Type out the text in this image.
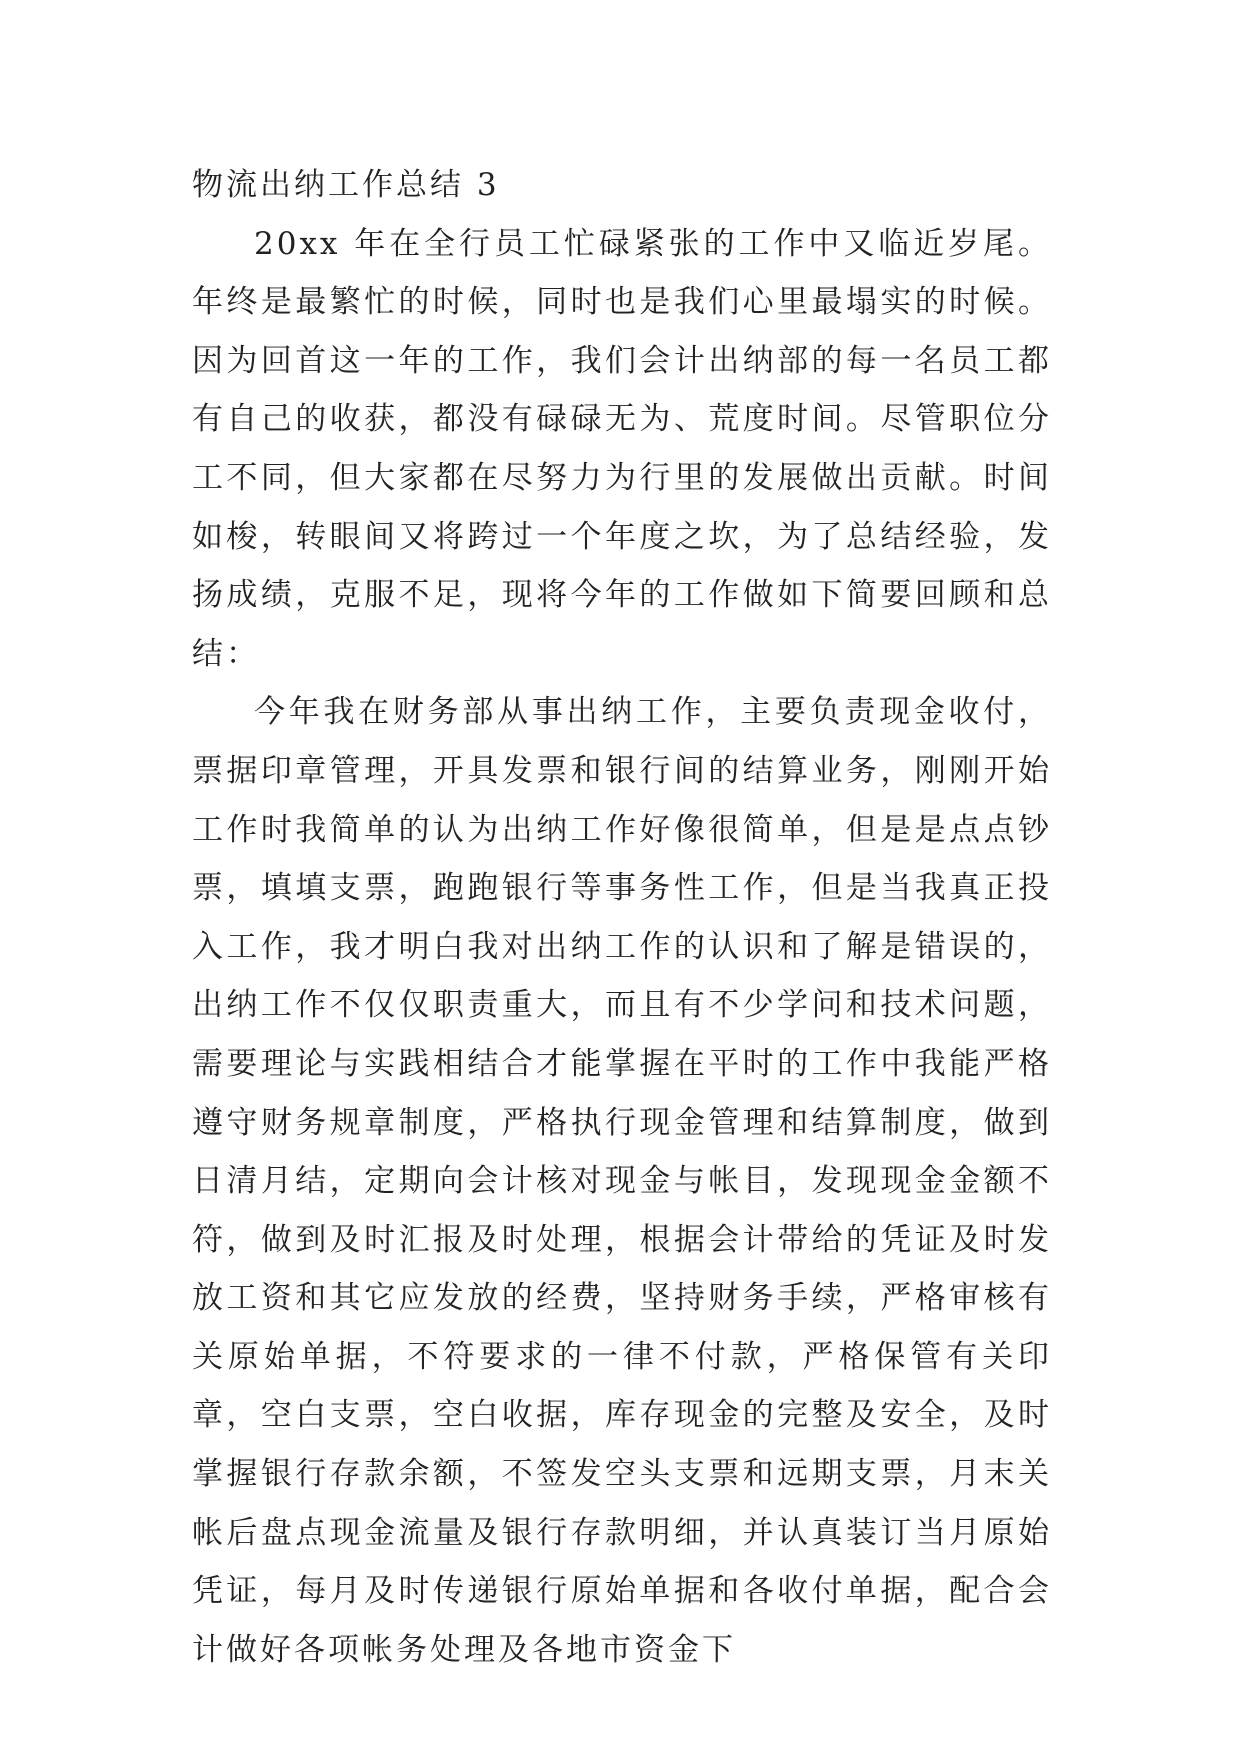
物流出纳工作总结 3

20xx 年在全行员工忙碌紧张的工作中又临近岁尾。年终是最繁忙的时候，同时也是我们心里最塌实的时候。因为回首这一年的工作，我们会计出纳部的每一名员工都有自己的收获，都没有碌碌无为、荒度时间。尽管职位分工不同，但大家都在尽努力为行里的发展做出贡献。时间如梭，转眼间又将跨过一个年度之坎，为了总结经验，发扬成绩，克服不足，现将今年的工作做如下简要回顾和总结：

今年我在财务部从事出纳工作，主要负责现金收付，票据印章管理，开具发票和银行间的结算业务，刚刚开始工作时我简单的认为出纳工作好像很简单，但是是点点钞票，填填支票，跑跑银行等事务性工作，但是当我真正投入工作，我才明白我对出纳工作的认识和了解是错误的，出纳工作不仅仅职责重大，而且有不少学问和技术问题，需要理论与实践相结合才能掌握在平时的工作中我能严格遵守财务规章制度，严格执行现金管理和结算制度，做到日清月结，定期向会计核对现金与帐目，发现现金金额不符，做到及时汇报及时处理，根据会计带给的凭证及时发放工资和其它应发放的经费，坚持财务手续，严格审核有关原始单据，不符要求的一律不付款，严格保管有关印章，空白支票，空白收据，库存现金的完整及安全，及时掌握银行存款余额，不签发空头支票和远期支票，月末关帐后盘点现金流量及银行存款明细，并认真装订当月原始凭证，每月及时传递银行原始单据和各收付单据，配合会计做好各项帐务处理及各地市资金下
